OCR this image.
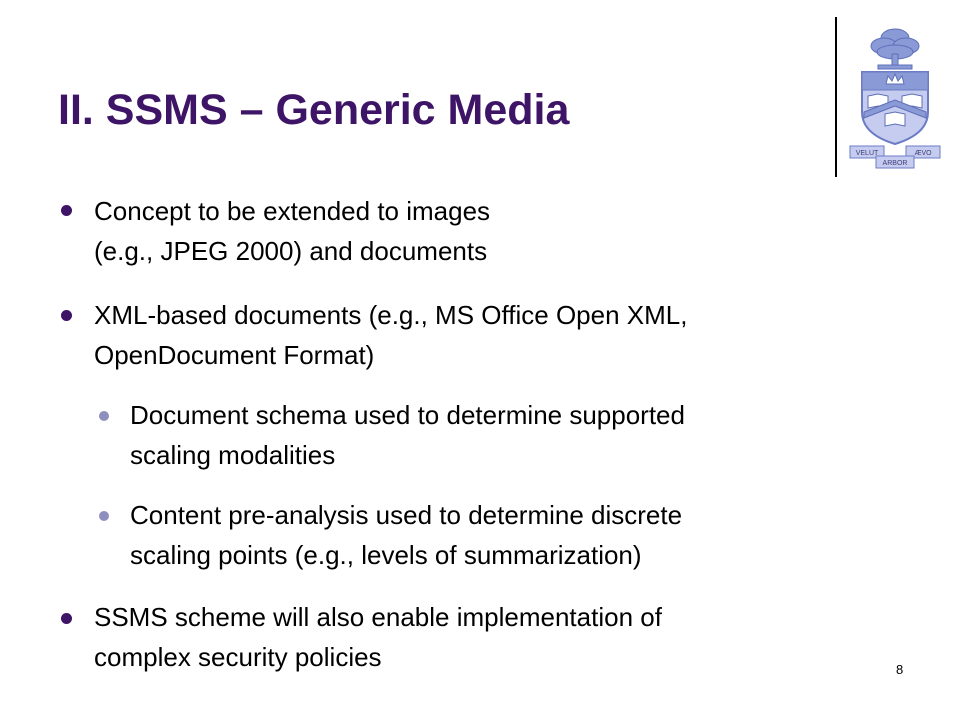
II. SSMS – Generic Media
VELUT	ÆVO
ARBOR
Concept to be extended to images
(e.g., JPEG 2000) and documents
XML-based documents (e.g., MS Office Open XML,
OpenDocument Format)
Document schema used to determine supported
scaling modalities
Content pre-analysis used to determine discrete
scaling points (e.g., levels of summarization)
SSMS scheme will also enable implementation of
complex security policies	8
